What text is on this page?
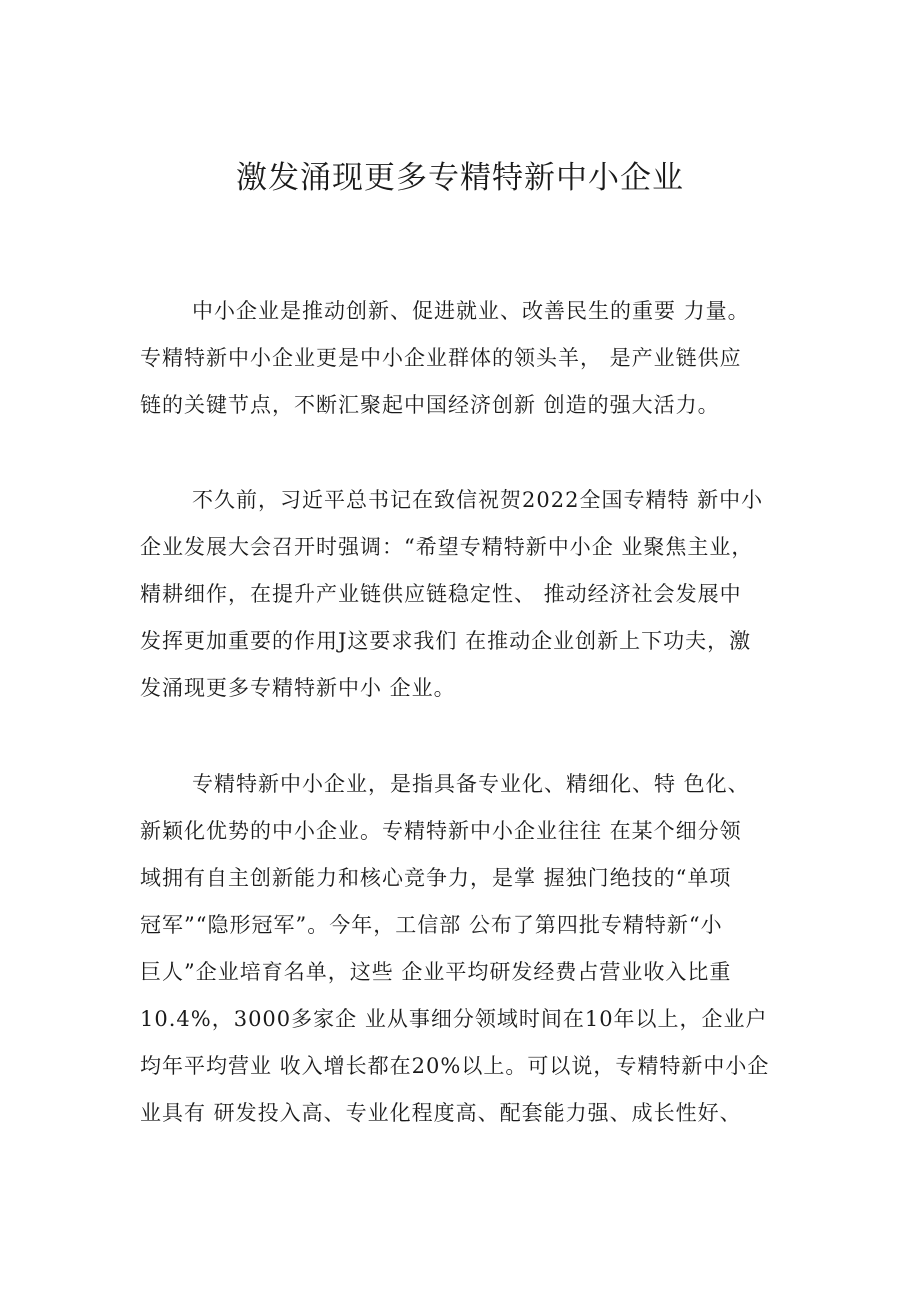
激发涌现更多专精特新中小企业
中小企业是推动创新、促进就业、改善民生的重要 力量。
专精特新中小企业更是中小企业群体的领头羊， 是产业链供应
链的关键节点，不断汇聚起中国经济创新 创造的强大活力。
不久前，习近平总书记在致信祝贺2022全国专精特 新中小
企业发展大会召开时强调：“希望专精特新中小企 业聚焦主业，
精耕细作，在提升产业链供应链稳定性、 推动经济社会发展中
发挥更加重要的作用J这要求我们 在推动企业创新上下功夫，激
发涌现更多专精特新中小 企业。
专精特新中小企业，是指具备专业化、精细化、特 色化、
新颖化优势的中小企业。专精特新中小企业往往 在某个细分领
域拥有自主创新能力和核心竞争力，是掌 握独门绝技的“单项
冠军”“隐形冠军”。今年，工信部 公布了第四批专精特新“小
巨人”企业培育名单，这些 企业平均研发经费占营业收入比重
10.4%，3000多家企 业从事细分领域时间在10年以上，企业户
均年平均营业 收入增长都在20%以上。可以说，专精特新中小企
业具有 研发投入高、专业化程度高、配套能力强、成长性好、
